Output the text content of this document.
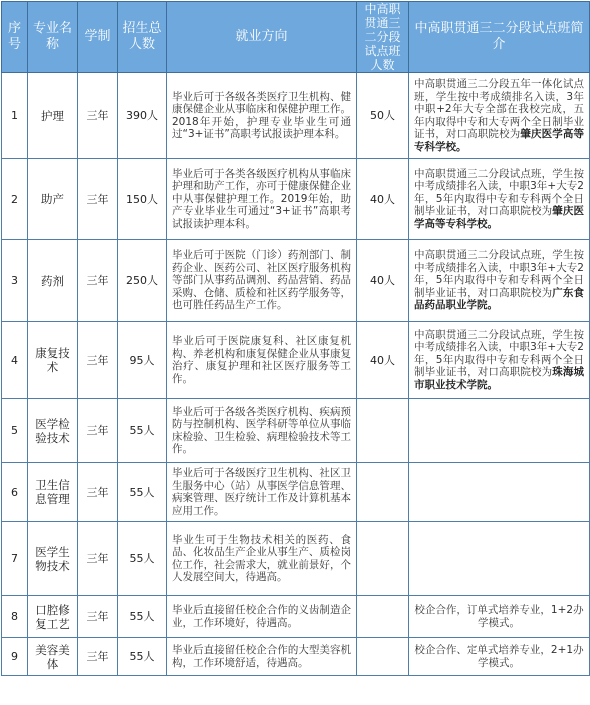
序号	专业名称	学制	招生总人数	就业方向	中高职贯通三二分段试点班人数	中高职贯通三二分段试点班简介
1	护理	三年	390人	毕业后可于各级各类医疗卫生机构、健康保健企业从事临床和保健护理工作。2018年开始，护理专业毕业生可通过“3+证书”高职考试报读护理本科。	50人	中高职贯通三二分段五年一体化试点班，学生按中考成绩排名入读，3年中职+2年大专全部在我校完成，五年内取得中专和大专两个全日制毕业证书，对口高职院校为肇庆医学高等专科学校。
2	助产	三年	150人	毕业后可于各类各级医疗机构从事临床护理和助产工作，亦可于健康保健企业中从事保健护理工作。2019年始，助产专业毕业生可通过“3+证书”高职考试报读护理本科。	40人	中高职贯通三二分段试点班，学生按中考成绩排名入读，中职3年+大专2年，5年内取得中专和专科两个全日制毕业证书，对口高职院校为肇庆医学高等专科学校。
3	药剂	三年	250人	毕业后可于医院（门诊）药剂部门、制药企业、医药公司、社区医疗服务机构等部门从事药品调剂、药品营销、药品采购、仓储、质检和社区药学服务等，也可胜任药品生产工作。	40人	中高职贯通三二分段试点班，学生按中考成绩排名入读，中职3年+大专2年，5年内取得中专和专科两个全日制毕业证书，对口高职院校为广东食品药品职业学院。
4	康复技术	三年	95人	毕业后可于医院康复科、社区康复机构、养老机构和康复保健企业从事康复治疗、康复护理和社区医疗服务等工作。	40人	中高职贯通三二分段试点班，学生按中考成绩排名入读，中职3年+大专2年，5年内取得中专和专科两个全日制毕业证书，对口高职院校为珠海城市职业技术学院。
5	医学检验技术	三年	55人	毕业后可于各级各类医疗机构、疾病预防与控制机构、医学科研等单位从事临床检验、卫生检验、病理检验技术等工作。		
6	卫生信息管理	三年	55人	毕业后可于各级医疗卫生机构、社区卫生服务中心（站）从事医学信息管理、病案管理、医疗统计工作及计算机基本应用工作。		
7	医学生物技术	三年	55人	毕业生可于生物技术相关的医药、食品、化妆品生产企业从事生产、质检岗位工作，社会需求大，就业前景好，个人发展空间大，待遇高。		
8	口腔修复工艺	三年	55人	毕业后直接留任校企合作的义齿制造企业，工作环境好，待遇高。		校企合作，订单式培养专业，1+2办学模式。
9	美容美体	三年	55人	毕业后直接留任校企合作的大型美容机构，工作环境舒适，待遇高。		校企合作、定单式培养专业，2+1办学模式。
